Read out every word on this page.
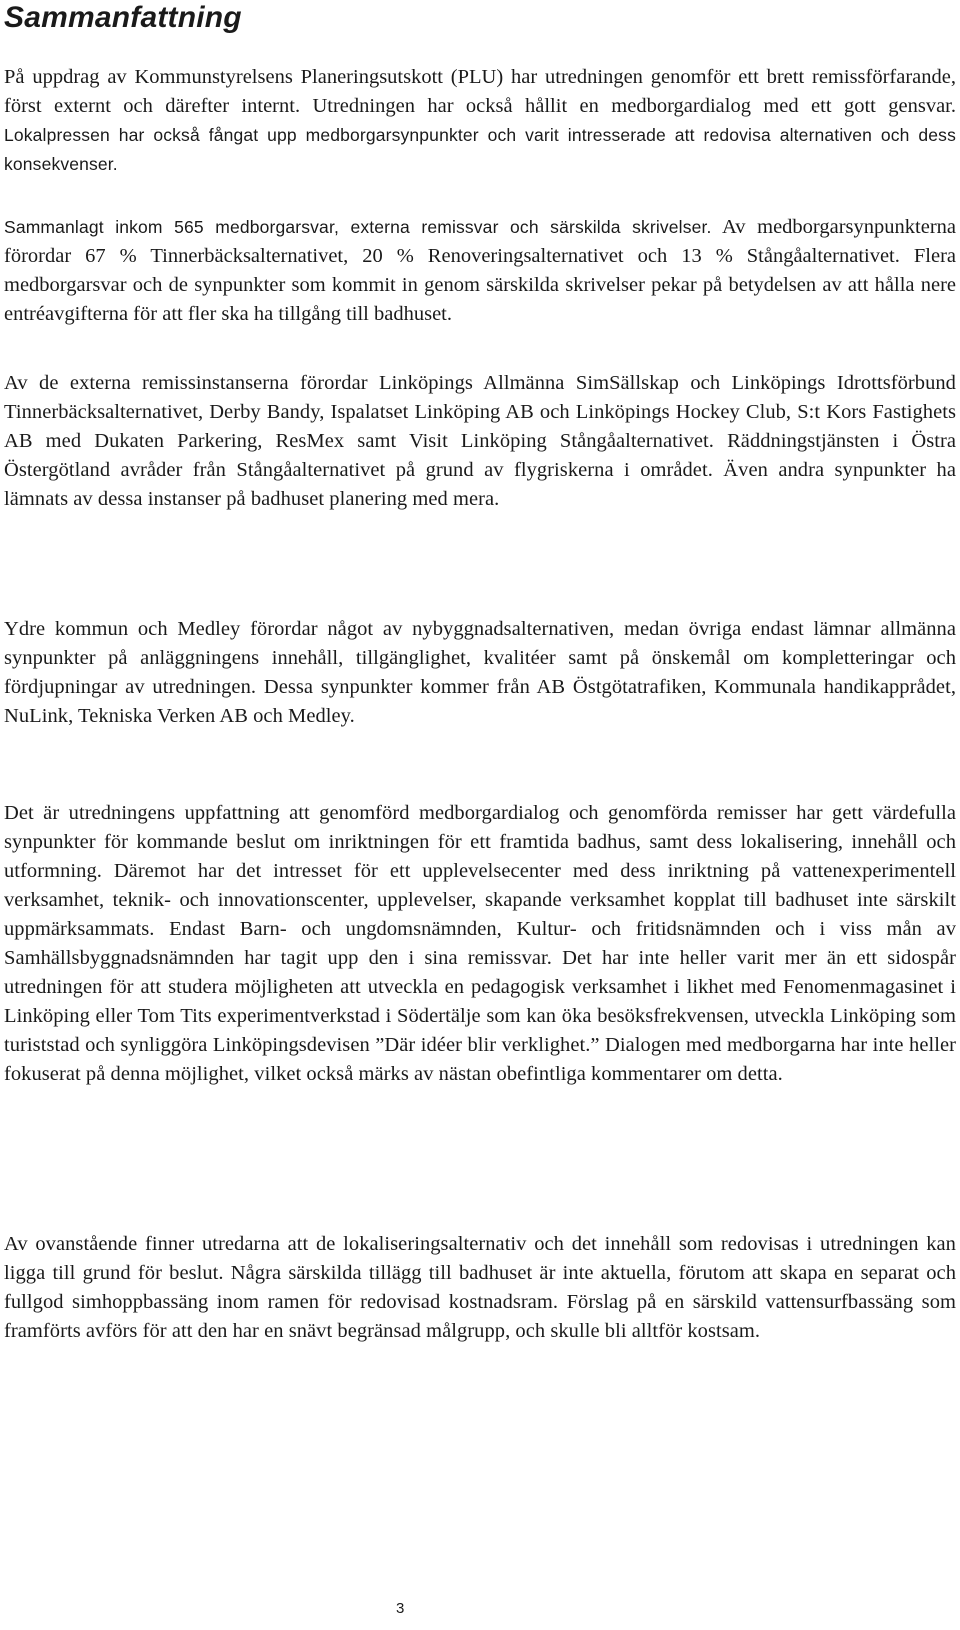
Sammanfattning

På uppdrag av Kommunstyrelsens Planeringsutskott (PLU) har utredningen genomför ett brett remissförfarande, först externt och därefter internt. Utredningen har också hållit en medborgardialog med ett gott gensvar. Lokalpressen har också fångat upp medborgarsynpunkter och varit intresserade att redovisa alternativen och dess konsekvenser.

Sammanlagt inkom 565 medborgarsvar, externa remissvar och särskilda skrivelser. Av medborgarsynpunkterna förordar 67 % Tinnerbäcksalternativet, 20 % Renoveringsalternativet och 13 % Stångåalternativet. Flera medborgarsvar och de synpunkter som kommit in genom särskilda skrivelser pekar på betydelsen av att hålla nere entréavgifterna för att fler ska ha tillgång till badhuset.

Av de externa remissinstanserna förordar Linköpings Allmänna SimSällskap och Linköpings Idrottsförbund Tinnerbäcksalternativet, Derby Bandy, Ispalatset Linköping AB och Linköpings Hockey Club, S:t Kors Fastighets AB med Dukaten Parkering, ResMex samt Visit Linköping Stångåalternativet. Räddningstjänsten i Östra Östergötland avråder från Stångåalternativet på grund av flygriskerna i området. Även andra synpunkter ha lämnats av dessa instanser på badhuset planering med mera.

Ydre kommun och Medley förordar något av nybyggnadsalternativen, medan övriga endast lämnar allmänna synpunkter på anläggningens innehåll, tillgänglighet, kvalitéer samt på önskemål om kompletteringar och fördjupningar av utredningen. Dessa synpunkter kommer från AB Östgötatrafiken, Kommunala handikapprådet, NuLink, Tekniska Verken AB och Medley.

Det är utredningens uppfattning att genomförd medborgardialog och genomförda remisser har gett värdefulla synpunkter för kommande beslut om inriktningen för ett framtida badhus, samt dess lokalisering, innehåll och utformning. Däremot har det intresset för ett upplevelsecenter med dess inriktning på vattenexperimentell verksamhet, teknik- och innovationscenter, upplevelser, skapande verksamhet kopplat till badhuset inte särskilt uppmärksammats. Endast Barn- och ungdomsnämnden, Kultur- och fritidsnämnden och i viss mån av Samhällsbyggnadsnämnden har tagit upp den i sina remissvar. Det har inte heller varit mer än ett sidospår utredningen för att studera möjligheten att utveckla en pedagogisk verksamhet i likhet med Fenomenmagasinet i Linköping eller Tom Tits experimentverkstad i Södertälje som kan öka besöksfrekvensen, utveckla Linköping som turiststad och synliggöra Linköpingsdevisen ”Där idéer blir verklighet.” Dialogen med medborgarna har inte heller fokuserat på denna möjlighet, vilket också märks av nästan obefintliga kommentarer om detta.

Av ovanstående finner utredarna att de lokaliseringsalternativ och det innehåll som redovisas i utredningen kan ligga till grund för beslut. Några särskilda tillägg till badhuset är inte aktuella, förutom att skapa en separat och fullgod simhoppbassäng inom ramen för redovisad kostnadsram. Förslag på en särskild vattensurfbassäng som framförts avförs för att den har en snävt begränsad målgrupp, och skulle bli alltför kostsam.

3
